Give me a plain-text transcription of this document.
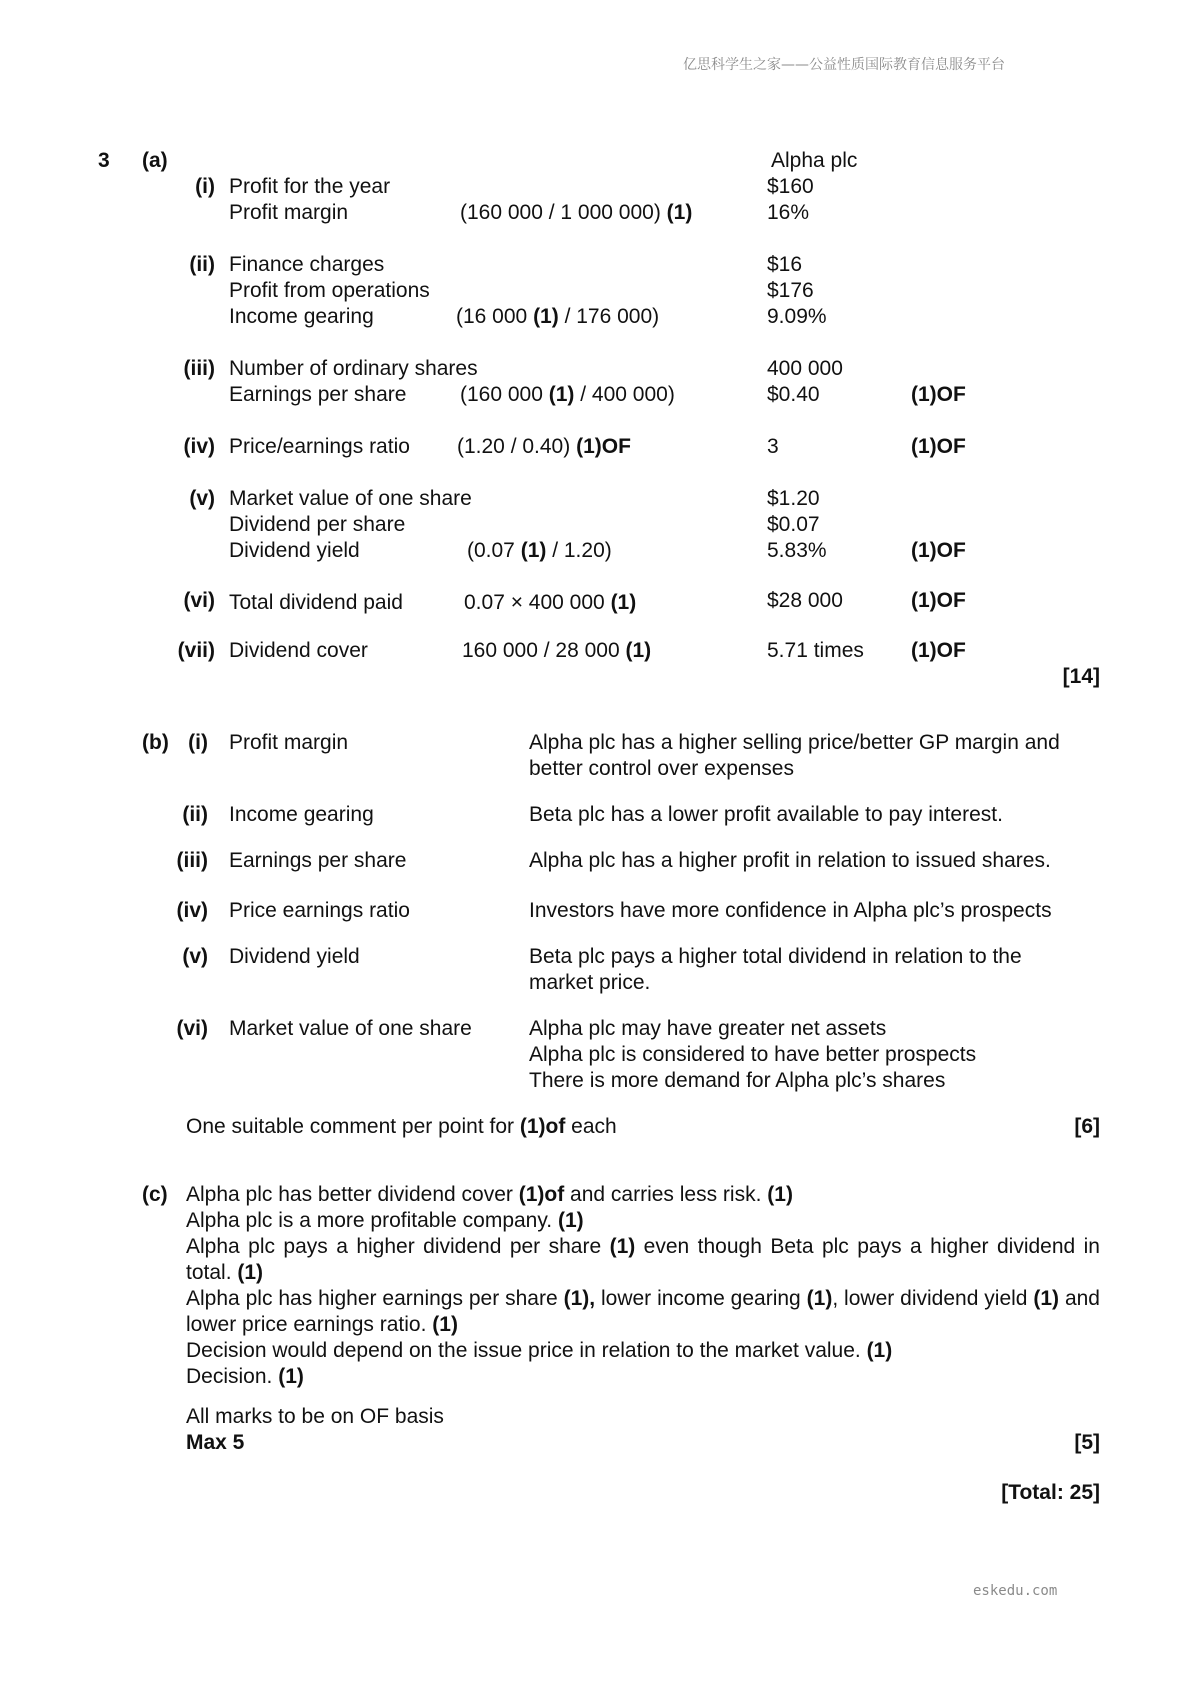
亿思科学生之家——公益性质国际教育信息服务平台
eskedu.com
3 (a)	Alpha plc
(i) Profit for the year	$160
Profit margin	(160 000 / 1 000 000) (1)	16%
(ii) Finance charges	$16
Profit from operations	$176
Income gearing	(16 000 (1) / 176 000)	9.09%
(iii) Number of ordinary shares	400 000
Earnings per share	(160 000 (1) / 400 000)	$0.40	(1)OF
(iv) Price/earnings ratio (1.20 / 0.40) (1)OF	3	(1)OF
(v) Market value of one share	$1.20
Dividend per share	$0.07
Dividend yield	(0.07 (1) / 1.20)	5.83%	(1)OF
(vi) Total dividend paid	0.07 × 400 000 (1)	$28 000	(1)OF
(vii) Dividend cover	160 000 / 28 000 (1)	5.71 times (1)OF
[14]
(b) (i) Profit margin	Alpha plc has a higher selling price/better GP margin and better control over expenses
(ii) Income gearing	Beta plc has a lower profit available to pay interest.
(iii) Earnings per share	Alpha plc has a higher profit in relation to issued shares.
(iv) Price earnings ratio	Investors have more confidence in Alpha plc’s prospects
(v) Dividend yield	Beta plc pays a higher total dividend in relation to the market price.
(vi) Market value of one share	Alpha plc may have greater net assets
Alpha plc is considered to have better prospects
There is more demand for Alpha plc’s shares
One suitable comment per point for (1)of each	[6]
(c) Alpha plc has better dividend cover (1)of and carries less risk. (1)
Alpha plc is a more profitable company. (1)
Alpha plc pays a higher dividend per share (1) even though Beta plc pays a higher dividend in total. (1)
Alpha plc has higher earnings per share (1), lower income gearing (1), lower dividend yield (1) and lower price earnings ratio. (1)
Decision would depend on the issue price in relation to the market value. (1)
Decision. (1)
All marks to be on OF basis
Max 5	[5]
[Total: 25]
